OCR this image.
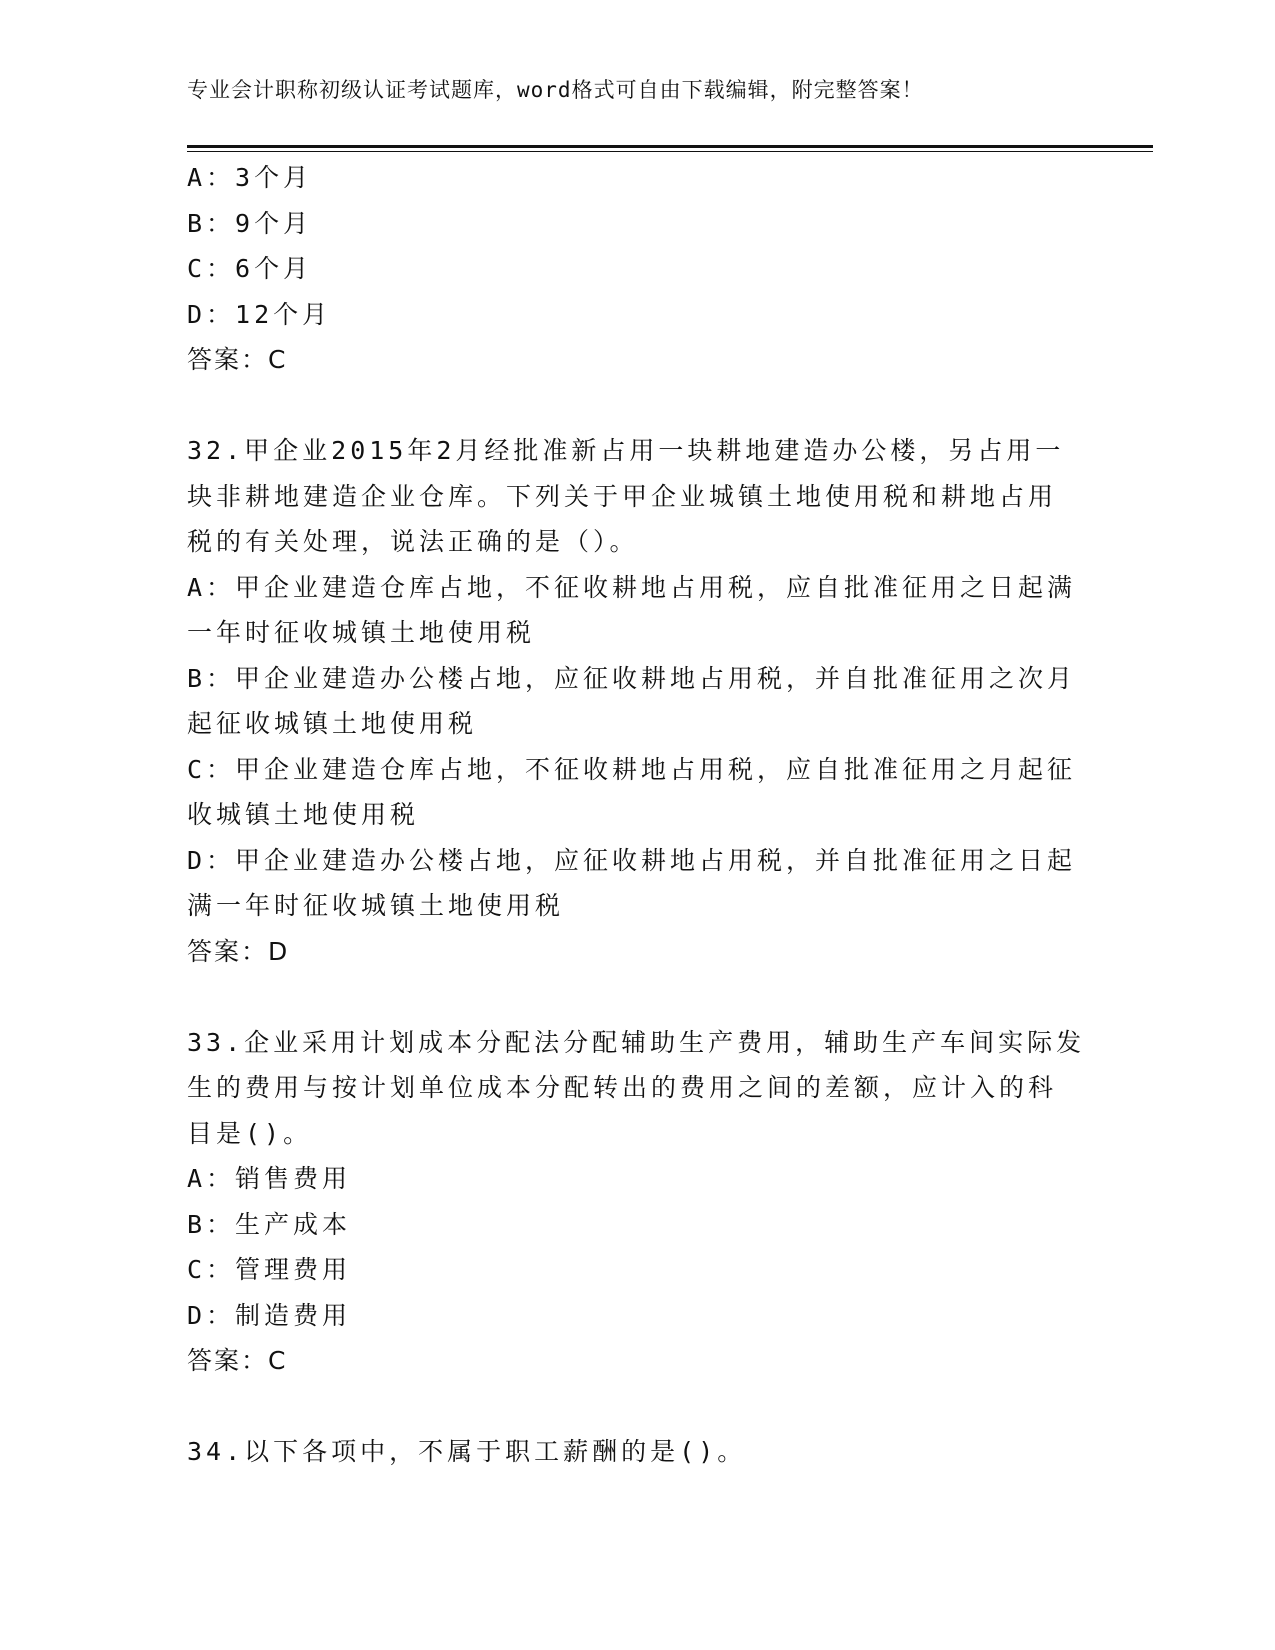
专业会计职称初级认证考试题库，word格式可自由下载编辑，附完整答案！
A：3个月
B：9个月
C：6个月
D：12个月
答案：C
32.甲企业2015年2月经批准新占用一块耕地建造办公楼，另占用一
块非耕地建造企业仓库。下列关于甲企业城镇土地使用税和耕地占用
税的有关处理，说法正确的是（）。
A：甲企业建造仓库占地，不征收耕地占用税，应自批准征用之日起满
一年时征收城镇土地使用税
B：甲企业建造办公楼占地，应征收耕地占用税，并自批准征用之次月
起征收城镇土地使用税
C：甲企业建造仓库占地，不征收耕地占用税，应自批准征用之月起征
收城镇土地使用税
D：甲企业建造办公楼占地，应征收耕地占用税，并自批准征用之日起
满一年时征收城镇土地使用税
答案：D
33.企业采用计划成本分配法分配辅助生产费用，辅助生产车间实际发
生的费用与按计划单位成本分配转出的费用之间的差额，应计入的科
目是()。
A：销售费用
B：生产成本
C：管理费用
D：制造费用
答案：C
34.以下各项中，不属于职工薪酬的是()。
